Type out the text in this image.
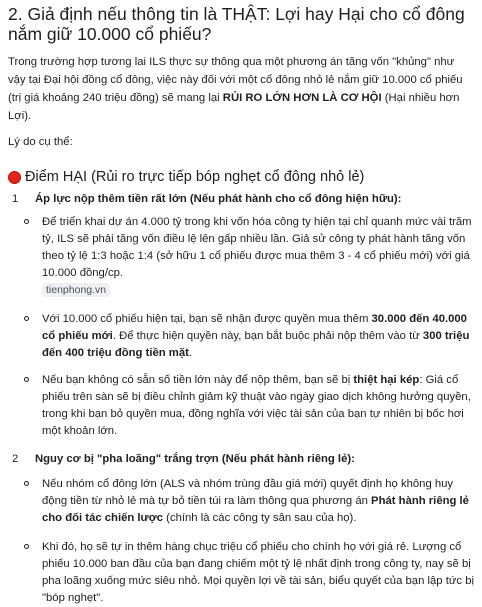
2. Giả định nếu thông tin là THẬT: Lợi hay Hại cho cổ đông nắm giữ 10.000 cổ phiếu?

Trong trường hợp tương lai ILS thực sự thông qua một phương án tăng vốn "khủng" như vậy tại Đại hội đồng cổ đông, việc này đối với một cổ đông nhỏ lẻ nắm giữ 10.000 cổ phiếu (trị giá khoảng 240 triệu đồng) sẽ mang lại RỦI RO LỚN HƠN LÀ CƠ HỘI (Hại nhiều hơn Lợi).

Lý do cụ thể:

Điểm HẠI (Rủi ro trực tiếp bóp nghẹt cổ đông nhỏ lẻ)
1 Áp lực nộp thêm tiền rất lớn (Nếu phát hành cho cổ đông hiện hữu):
Để triển khai dự án 4.000 tỷ trong khi vốn hóa công ty hiện tại chỉ quanh mức vài trăm tỷ, ILS sẽ phải tăng vốn điều lệ lên gấp nhiều lần. Giả sử công ty phát hành tăng vốn theo tỷ lệ 1:3 hoặc 1:4 (sở hữu 1 cổ phiếu được mua thêm 3 - 4 cổ phiếu mới) với giá 10.000 đồng/cp.
tienphong.vn
Với 10.000 cổ phiếu hiện tại, bạn sẽ nhận được quyền mua thêm 30.000 đến 40.000 cổ phiếu mới. Để thực hiện quyền này, bạn bắt buộc phải nộp thêm vào từ 300 triệu đến 400 triệu đồng tiền mặt.
Nếu bạn không có sẵn số tiền lớn này để nộp thêm, bạn sẽ bị thiệt hại kép: Giá cổ phiếu trên sàn sẽ bị điều chỉnh giảm kỹ thuật vào ngày giao dịch không hưởng quyền, trong khi bạn bỏ quyền mua, đồng nghĩa với việc tài sản của bạn tự nhiên bị bốc hơi một khoản lớn.
2 Nguy cơ bị "pha loãng" trắng trợn (Nếu phát hành riêng lẻ):
Nếu nhóm cổ đông lớn (ALS và nhóm trùng đầu giá mới) quyết định họ không huy động tiền từ nhỏ lẻ mà tự bỏ tiền túi ra làm thông qua phương án Phát hành riêng lẻ cho đối tác chiến lược (chính là các công ty sân sau của họ).
Khi đó, họ sẽ tự in thêm hàng chục triệu cổ phiếu cho chính họ với giá rẻ. Lượng cổ phiếu 10.000 ban đầu của bạn đang chiếm một tỷ lệ nhất định trong công ty, nay sẽ bị pha loãng xuống mức siêu nhỏ. Mọi quyền lợi về tài sản, biểu quyết của bạn lập tức bị "bóp nghẹt".
